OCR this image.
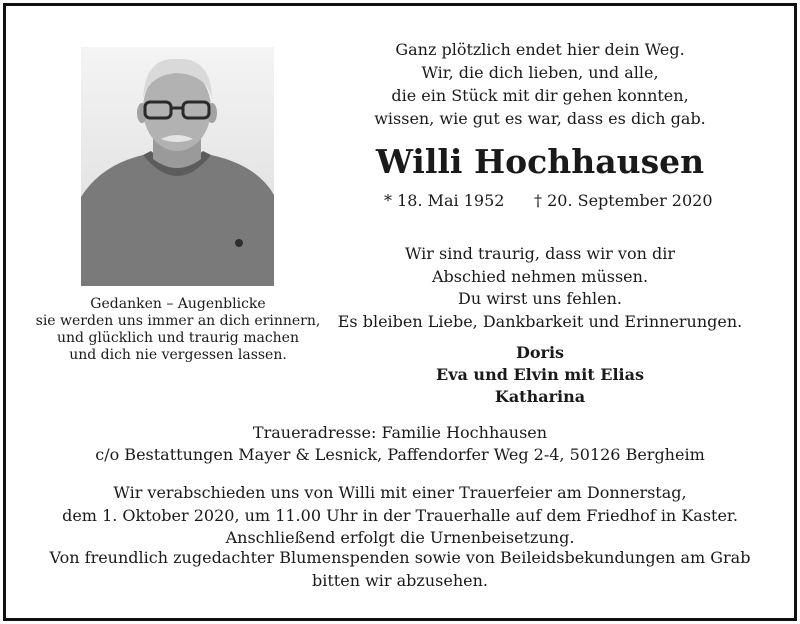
Gedanken – Augenblicke
sie werden uns immer an dich erinnern,
und glücklich und traurig machen
und dich nie vergessen lassen.
Ganz plötzlich endet hier dein Weg.
Wir, die dich lieben, und alle,
die ein Stück mit dir gehen konnten,
wissen, wie gut es war, dass es dich gab.
Willi Hochhausen
* 18. Mai 1952 † 20. September 2020
Wir sind traurig, dass wir von dir
Abschied nehmen müssen.
Du wirst uns fehlen.
Es bleiben Liebe, Dankbarkeit und Erinnerungen.
Doris
Eva und Elvin mit Elias
Katharina
Traueradresse: Familie Hochhausen
c/o Bestattungen Mayer & Lesnick, Paffendorfer Weg 2-4, 50126 Bergheim
Wir verabschieden uns von Willi mit einer Trauerfeier am Donnerstag,
dem 1. Oktober 2020, um 11.00 Uhr in der Trauerhalle auf dem Friedhof in Kaster.
Anschließend erfolgt die Urnenbeisetzung.
Von freundlich zugedachter Blumenspenden sowie von Beileidsbekundungen am Grab
bitten wir abzusehen.
